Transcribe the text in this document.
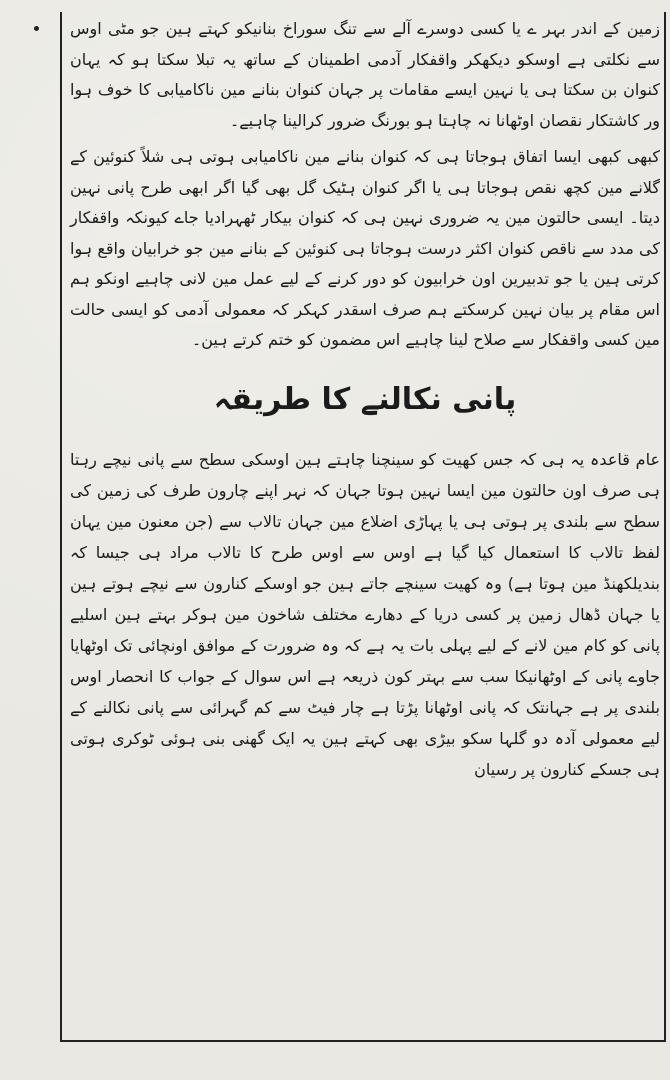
زمین کے اندر بہر ے یا کسی دوسرے آلے سے تنگ سوراخ بنانیکو کہتے ہین جو مٹی اوس سے نکلتی ہے اوسکو دیکھکر واقفکار آدمی اطمینان کے ساتھ یہ تبلا سکتا ہو کہ یہان کنوان بن سکتا ہی یا نہین ایسے مقامات پر جہان کنوان بنانے مین ناکامیابی کا خوف ہوا ور کاشتکار نقصان اوٹھانا نہ چاہتا ہو بورنگ ضرور کرالینا چاہیے۔

کبھی کبھی ایسا اتفاق ہوجاتا ہی کہ کنوان بنانے مین ناکامیابی ہوتی ہی شلاً کنوئین کے گلانے مین کچھ نقص ہوجاتا ہی یا اگر کنوان ہٹیک گل بھی گیا اگر ابھی طرح پانی نہین دیتا۔ ایسی حالتون مین یہ ضروری نہین ہی کہ کنوان بیکار ٹھہرادیا جاے کیونکہ واقفکار کی مدد سے ناقص کنوان اکثر درست ہوجاتا ہی کنوئین کے بنانے مین جو خرابیان واقع ہوا کرتی ہین یا جو تدبیرین اون خرابیون کو دور کرنے کے لیے عمل مین لانی چاہیے اونکو ہم اس مقام پر بیان نہین کرسکتے ہم صرف اسقدر کہکر کہ معمولی آدمی کو ایسی حالت مین کسی واقفکار سے صلاح لینا چاہیے اس مضمون کو ختم کرتے ہین۔

پانی نکالنے کا طریقہ

عام قاعدہ یہ ہی کہ جس کھیت کو سینچنا چاہتے ہین اوسکی سطح سے پانی نیچے رہتا ہی صرف اون حالتون مین ایسا نہین ہوتا جہان کہ نہر اپنے چارون طرف کی زمین کی سطح سے بلندی پر ہوتی ہی یا پہاڑی اضلاع مین جہان تالاب سے (جن معنون مین یہان لفظ تالاب کا استعمال کیا گیا ہے اوس سے اوس طرح کا تالاب مراد ہی جیسا کہ بندیلکھنڈ مین ہوتا ہے) وہ کھیت سینچے جاتے ہین جو اوسکے کنارون سے نیچے ہوتے ہین یا جہان ڈھال زمین پر کسی دریا کے دھارے مختلف شاخون مین ہوکر بہتے ہین اسلیے پانی کو کام مین لانے کے لیے پہلی بات یہ ہے کہ وہ ضرورت کے موافق اونچائی تک اوٹھایا جاوے پانی کے اوٹھانیکا سب سے بہتر کون ذریعہ ہے اس سوال کے جواب کا انحصار اوس بلندی پر ہے جہانتک کہ پانی اوٹھانا پڑتا ہے چار فیٹ سے کم گہرائی سے پانی نکالنے کے لیے معمولی آدہ دو گلہا سکو بیڑی بھی کہتے ہین یہ ایک گھنی بنی ہوئی ٹوکری ہوتی ہی جسکے کنارون پر رسیان
